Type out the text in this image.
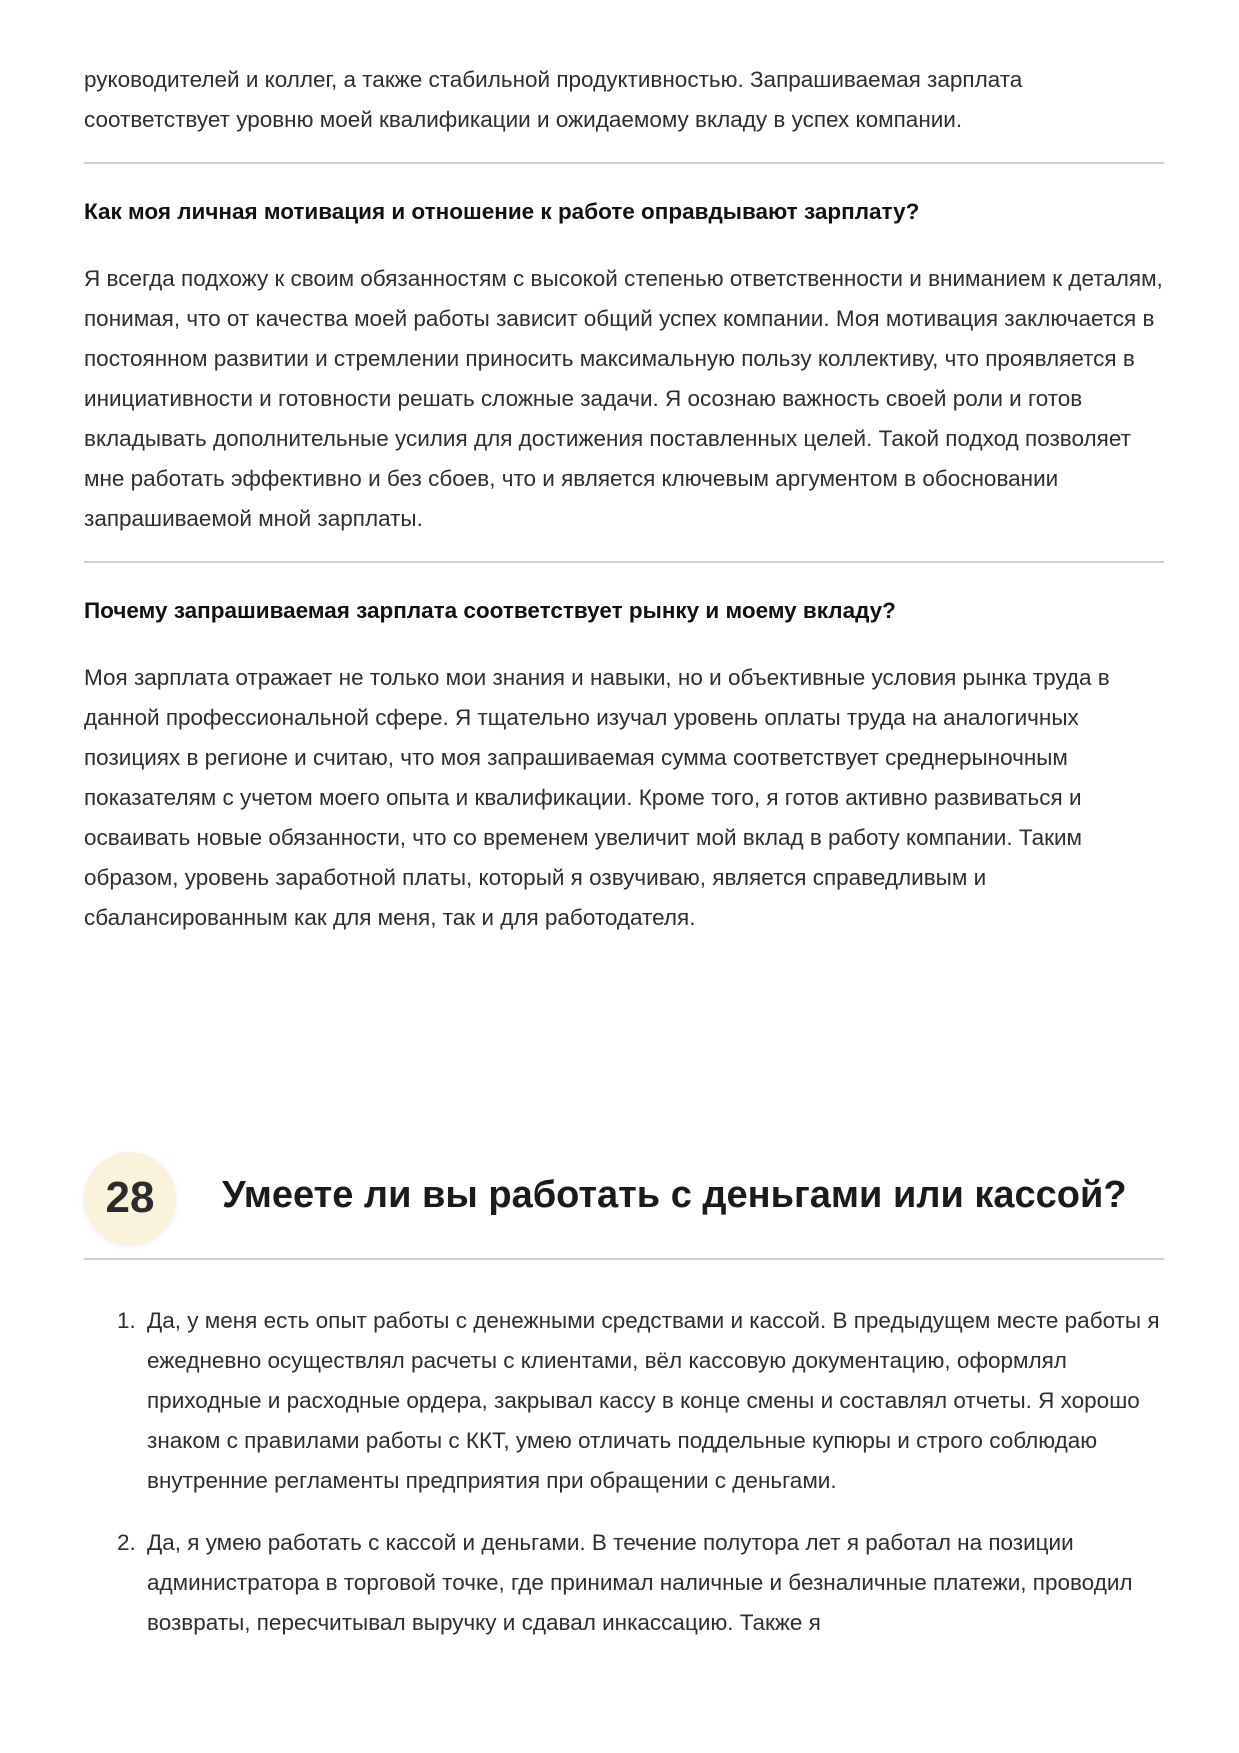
руководителей и коллег, а также стабильной продуктивностью. Запрашиваемая зарплата соответствует уровню моей квалификации и ожидаемому вкладу в успех компании.

Как моя личная мотивация и отношение к работе оправдывают зарплату?

Я всегда подхожу к своим обязанностям с высокой степенью ответственности и вниманием к деталям, понимая, что от качества моей работы зависит общий успех компании. Моя мотивация заключается в постоянном развитии и стремлении приносить максимальную пользу коллективу, что проявляется в инициативности и готовности решать сложные задачи. Я осознаю важность своей роли и готов вкладывать дополнительные усилия для достижения поставленных целей. Такой подход позволяет мне работать эффективно и без сбоев, что и является ключевым аргументом в обосновании запрашиваемой мной зарплаты.

Почему запрашиваемая зарплата соответствует рынку и моему вкладу?

Моя зарплата отражает не только мои знания и навыки, но и объективные условия рынка труда в данной профессиональной сфере. Я тщательно изучал уровень оплаты труда на аналогичных позициях в регионе и считаю, что моя запрашиваемая сумма соответствует среднерыночным показателям с учетом моего опыта и квалификации. Кроме того, я готов активно развиваться и осваивать новые обязанности, что со временем увеличит мой вклад в работу компании. Таким образом, уровень заработной платы, который я озвучиваю, является справедливым и сбалансированным как для меня, так и для работодателя.

28	Умеете ли вы работать с деньгами или кассой?
1. Да, у меня есть опыт работы с денежными средствами и кассой. В предыдущем месте работы я ежедневно осуществлял расчеты с клиентами, вёл кассовую документацию, оформлял приходные и расходные ордера, закрывал кассу в конце смены и составлял отчеты. Я хорошо знаком с правилами работы с ККТ, умею отличать поддельные купюры и строго соблюдаю внутренние регламенты предприятия при обращении с деньгами.
2. Да, я умею работать с кассой и деньгами. В течение полутора лет я работал на позиции администратора в торговой точке, где принимал наличные и безналичные платежи, проводил возвраты, пересчитывал выручку и сдавал инкассацию. Также я
